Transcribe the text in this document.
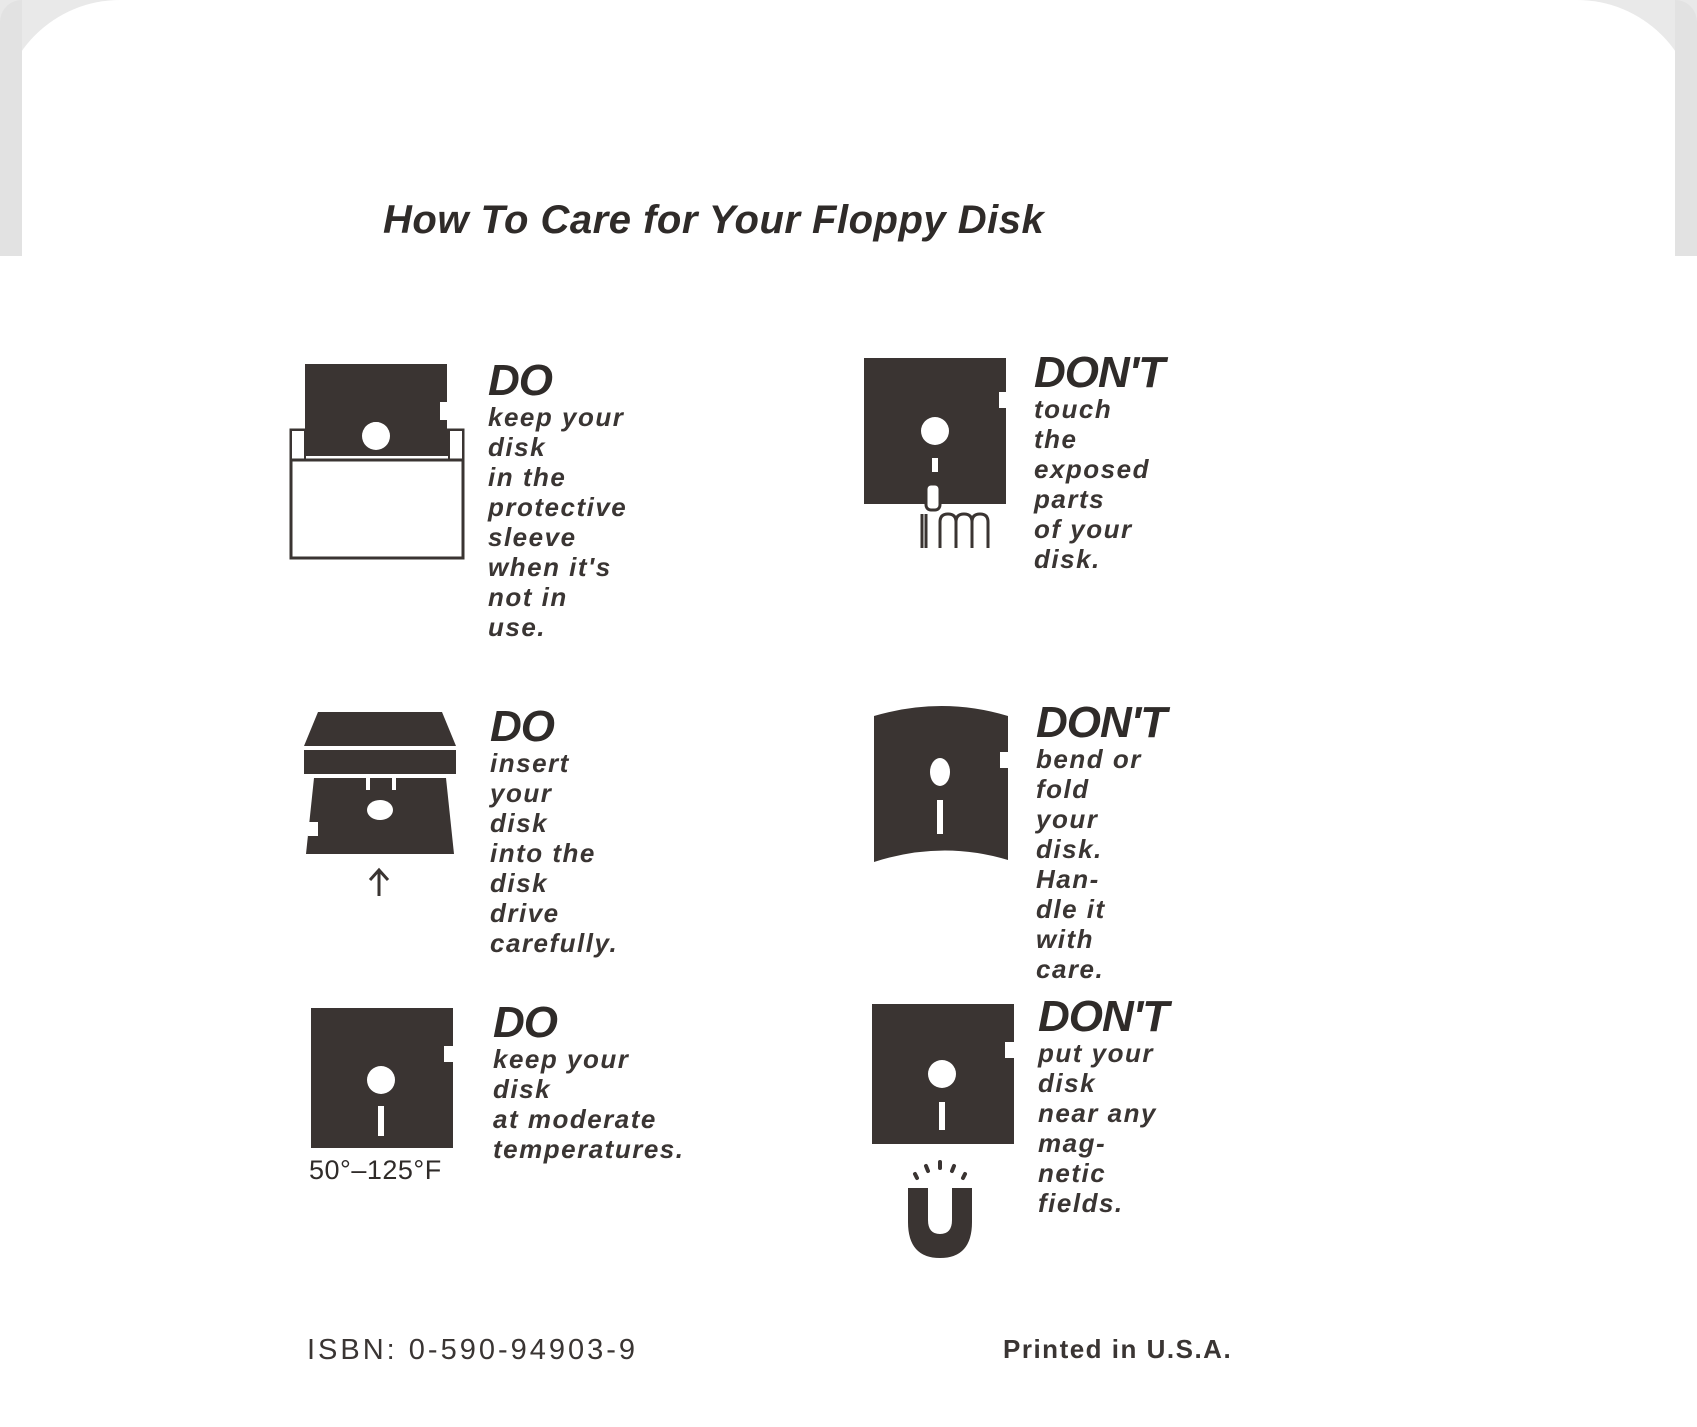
How To Care for Your Floppy Disk

DO

keep your disk
in the protective
sleeve when it's
not in use.

DON'T

touch the
exposed parts
of your disk.

DO

insert your disk
into the disk
drive carefully.

DON'T

bend or fold
your disk. Han-
dle it with care.

50°–125°F

DO

keep your disk
at moderate
temperatures.

DON'T

put your disk
near any mag-
netic fields.

ISBN: 0-590-94903-9	Printed in U.S.A.
